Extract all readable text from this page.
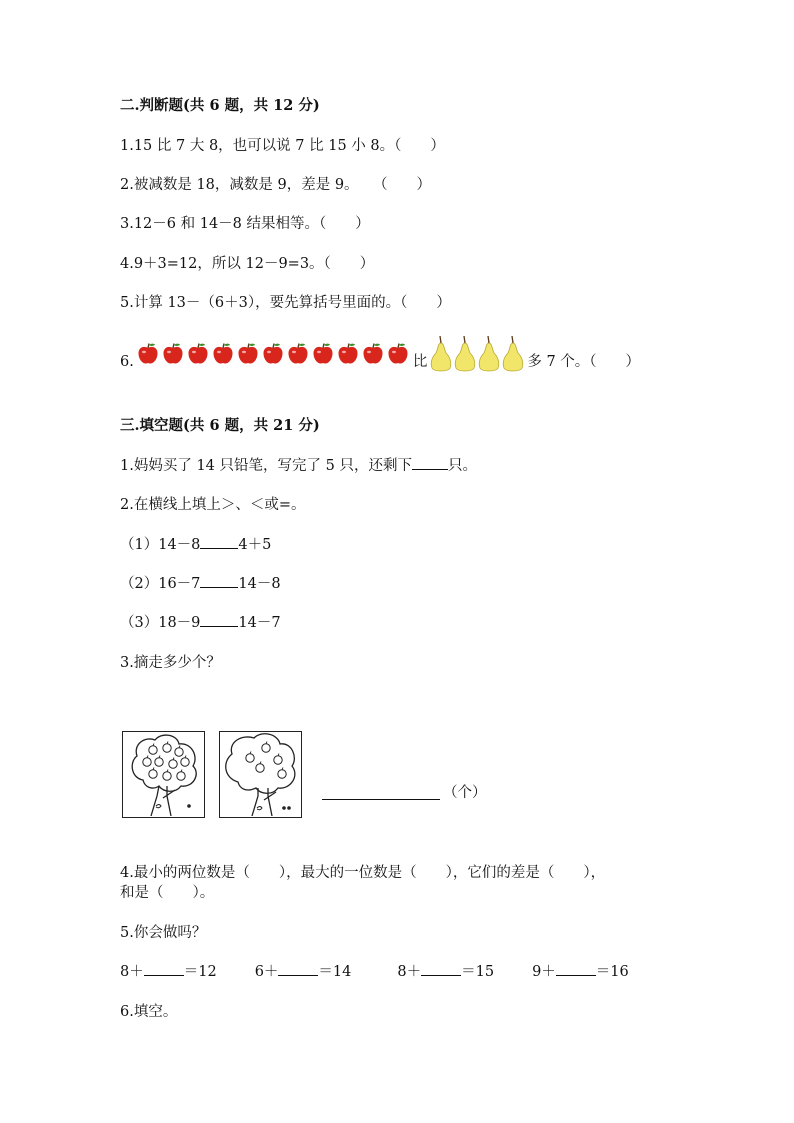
二.判断题(共 6 题，共 12 分)
1.15 比 7 大 8，也可以说 7 比 15 小 8。（　　）
2.被减数是 18，减数是 9，差是 9。　　（　　）
3.12－6 和 14－8 结果相等。（　　）
4.9＋3=12，所以 12－9=3。（　　）
5.计算 13－（6＋3），要先算括号里面的。（　　）
6.	比	多 7 个。（　　）
三.填空题(共 6 题，共 21 分)
1.妈妈买了 14 只铅笔，写完了 5 只，还剩下 只。
2.在横线上填上＞、＜或=。
（1）14－8	4＋5
（2）16－7	14－8
（3）18－9	14－7
3.摘走多少个？
（个）
4.最小的两位数是（　　），最大的一位数是（　　），它们的差是（　　），
和是（　　）。
5.你会做吗？
8＋	＝12	6＋	＝14	8＋	＝15	9＋	＝16
6.填空。
